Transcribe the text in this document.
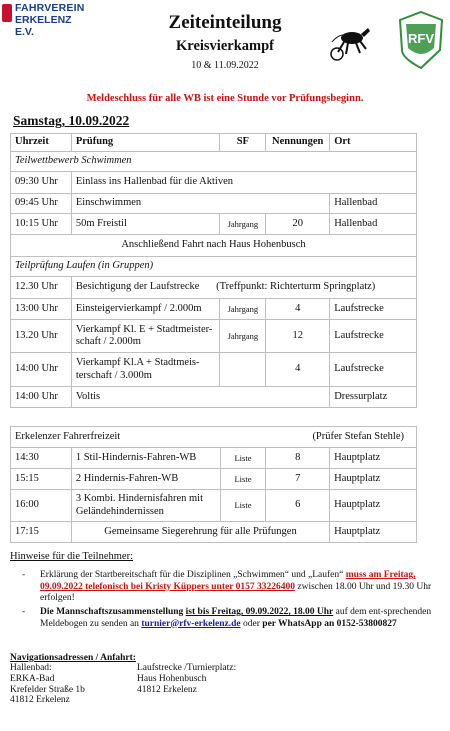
FAHRVEREIN
ERKELENZ E.V.	Zeiteinteilung
Kreisvierkampf
10 & 11.09.2022
RFV
Meldeschluss für alle WB ist eine Stunde vor Prüfungsbeginn.
Samstag, 10.09.2022
Uhrzeit	Prüfung	SF	Nennungen	Ort
Teilwettbewerb Schwimmen				
09:30 Uhr	Einlass ins Hallenbad für die Aktiven			
09:45 Uhr	Einschwimmen			Hallenbad
10:15 Uhr	50m Freistil	Jahrgang	20	Hallenbad
Anschließend Fahrt nach Haus Hohenbusch				
Teilprüfung Laufen (in Gruppen)				
12.30 Uhr	Besichtigung der Laufstrecke (Treffpunkt: Richterturm Springplatz)			
13:00 Uhr	Einsteigervierkampf / 2.000m	Jahrgang	4	Laufstrecke
13.20 Uhr	Vierkampf Kl. E + Stadtmeister-
schaft / 2.000m	Jahrgang	12	Laufstrecke
14:00 Uhr	Vierkampf Kl.A + Stadtmeis-
terschaft / 3.000m		4	Laufstrecke
14:00 Uhr	Voltis			Dressurplatz
Erkelenzer Fahrerfreizeit (Prüfer Stefan Stehle)				

14:30	1 Stil-Hindernis-Fahren-WB	Liste	8	Hauptplatz
15:15	2 Hindernis-Fahren-WB	Liste	7	Hauptplatz
16:00	3 Kombi. Hindernisfahren mit
Geländehindernissen	Liste	6	Hauptplatz
17:15	Gemeinsame Siegerehrung für alle Prüfungen			Hauptplatz
Hinweise für die Teilnehmer:
- Erklärung der Startbereitschaft für die Disziplinen „Schwimmen“ und „Laufen“ muss am Freitag, 09.09.2022 telefonisch bei Kristy Küppers unter 0157 33226400 zwischen 18.00 Uhr und 19.30 Uhr erfolgen!
- Die Mannschaftszusammenstellung ist bis Freitag, 09.09.2022, 18.00 Uhr auf dem ent-sprechenden Meldebogen zu senden an turnier@rfv-erkelenz.de oder per WhatsApp an 0152-53800827
Navigationsadressen / Anfahrt:
Hallenbad:
ERKA-Bad
Krefelder Straße 1b
41812 Erkelenz
Laufstrecke /Turnierplatz:
Haus Hohenbusch
41812 Erkelenz
